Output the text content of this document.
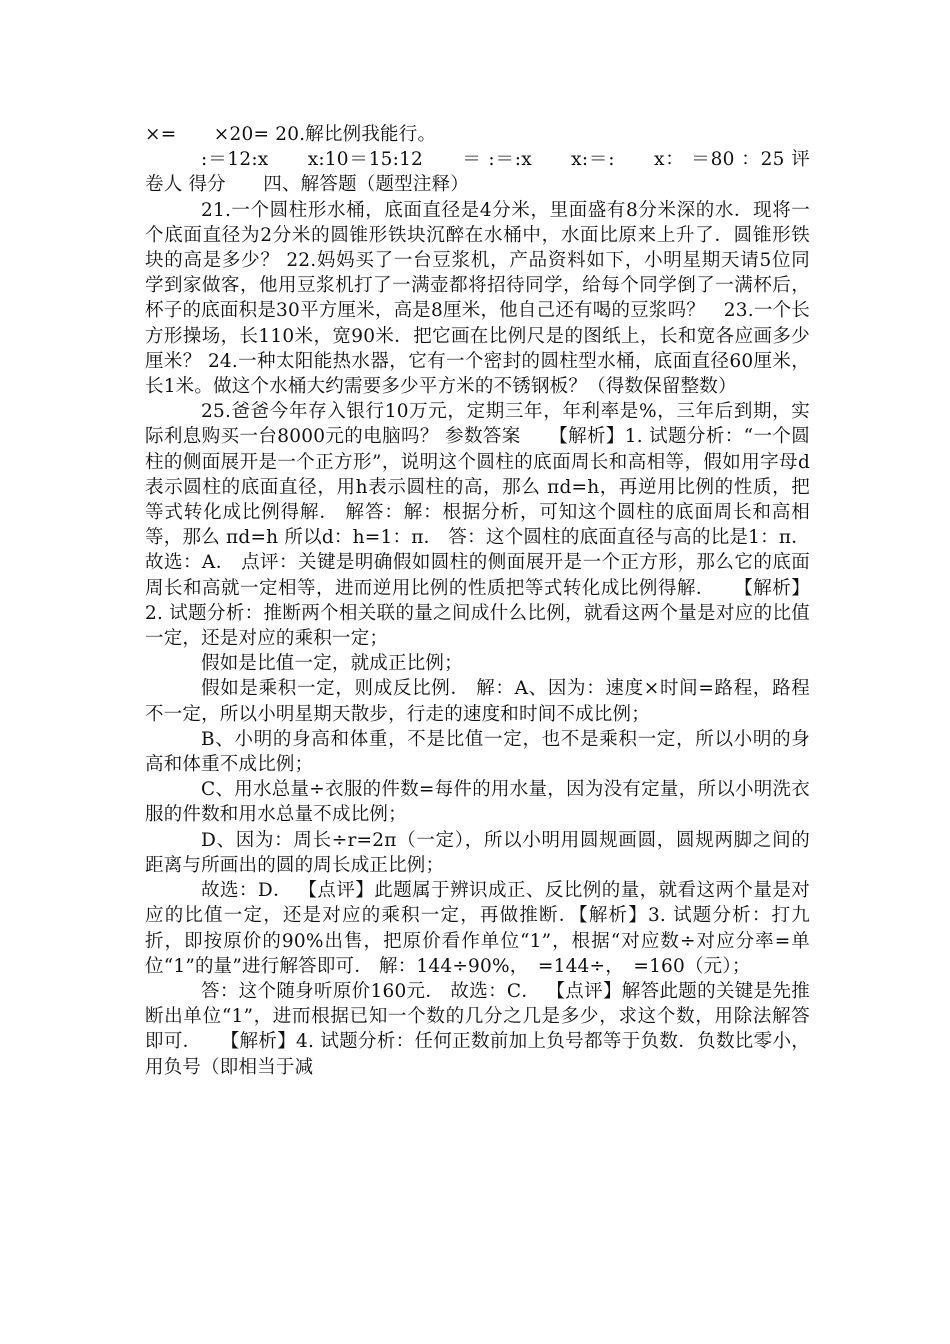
×=　　×20= 20.解比例我能行。

:＝12:x　　x:10＝15:12　　＝ :＝:x　　x:＝:　　x： ＝80 ：25 评卷人 得分　　四、解答题（题型注释）

21.一个圆柱形水桶，底面直径是4分米，里面盛有8分米深的水．现将一个底面直径为2分米的圆锥形铁块沉醉在水桶中，水面比原来上升了．圆锥形铁块的高是多少？ 22.妈妈买了一台豆浆机，产品资料如下，小明星期天请5位同学到家做客，他用豆浆机打了一满壶都将招待同学，给每个同学倒了一满杯后，杯子的底面积是30平方厘米，高是8厘米，他自己还有喝的豆浆吗？　23.一个长方形操场，长110米，宽90米．把它画在比例尺是的图纸上，长和宽各应画多少厘米？ 24.一种太阳能热水器，它有一个密封的圆柱型水桶，底面直径60厘米，长1米。做这个水桶大约需要多少平方米的不锈钢板？（得数保留整数）

25.爸爸今年存入银行10万元，定期三年，年利率是%，三年后到期，实际利息购买一台8000元的电脑吗？ 参数答案　　【解析】1. 试题分析：“一个圆柱的侧面展开是一个正方形”，说明这个圆柱的底面周长和高相等，假如用字母d表示圆柱的底面直径，用h表示圆柱的高，那么 πd=h，再逆用比例的性质，把等式转化成比例得解． 解答：解：根据分析，可知这个圆柱的底面周长和高相等，那么 πd=h 所以d：h=1：π． 答：这个圆柱的底面直径与高的比是1：π． 故选：A． 点评：关键是明确假如圆柱的侧面展开是一个正方形，那么它的底面周长和高就一定相等，进而逆用比例的性质把等式转化成比例得解．　　【解析】2. 试题分析：推断两个相关联的量之间成什么比例，就看这两个量是对应的比值一定，还是对应的乘积一定；

假如是比值一定，就成正比例；

假如是乘积一定，则成反比例． 解：A、因为：速度×时间=路程，路程不一定，所以小明星期天散步，行走的速度和时间不成比例；

B、小明的身高和体重，不是比值一定，也不是乘积一定，所以小明的身高和体重不成比例；

C、用水总量÷衣服的件数=每件的用水量，因为没有定量，所以小明洗衣服的件数和用水总量不成比例；

D、因为：周长÷r=2π（一定），所以小明用圆规画圆，圆规两脚之间的距离与所画出的圆的周长成正比例；

故选：D． 【点评】此题属于辨识成正、反比例的量，就看这两个量是对应的比值一定，还是对应的乘积一定，再做推断．【解析】3. 试题分析：打九折，即按原价的90%出售，把原价看作单位“1”，根据“对应数÷对应分率=单位“1”的量”进行解答即可． 解：144÷90%，　=144÷，　=160（元）；

答：这个随身听原价160元． 故选：C． 【点评】解答此题的关键是先推断出单位“1”，进而根据已知一个数的几分之几是多少，求这个数，用除法解答即可．　　【解析】4. 试题分析：任何正数前加上负号都等于负数．负数比零小，用负号（即相当于减
